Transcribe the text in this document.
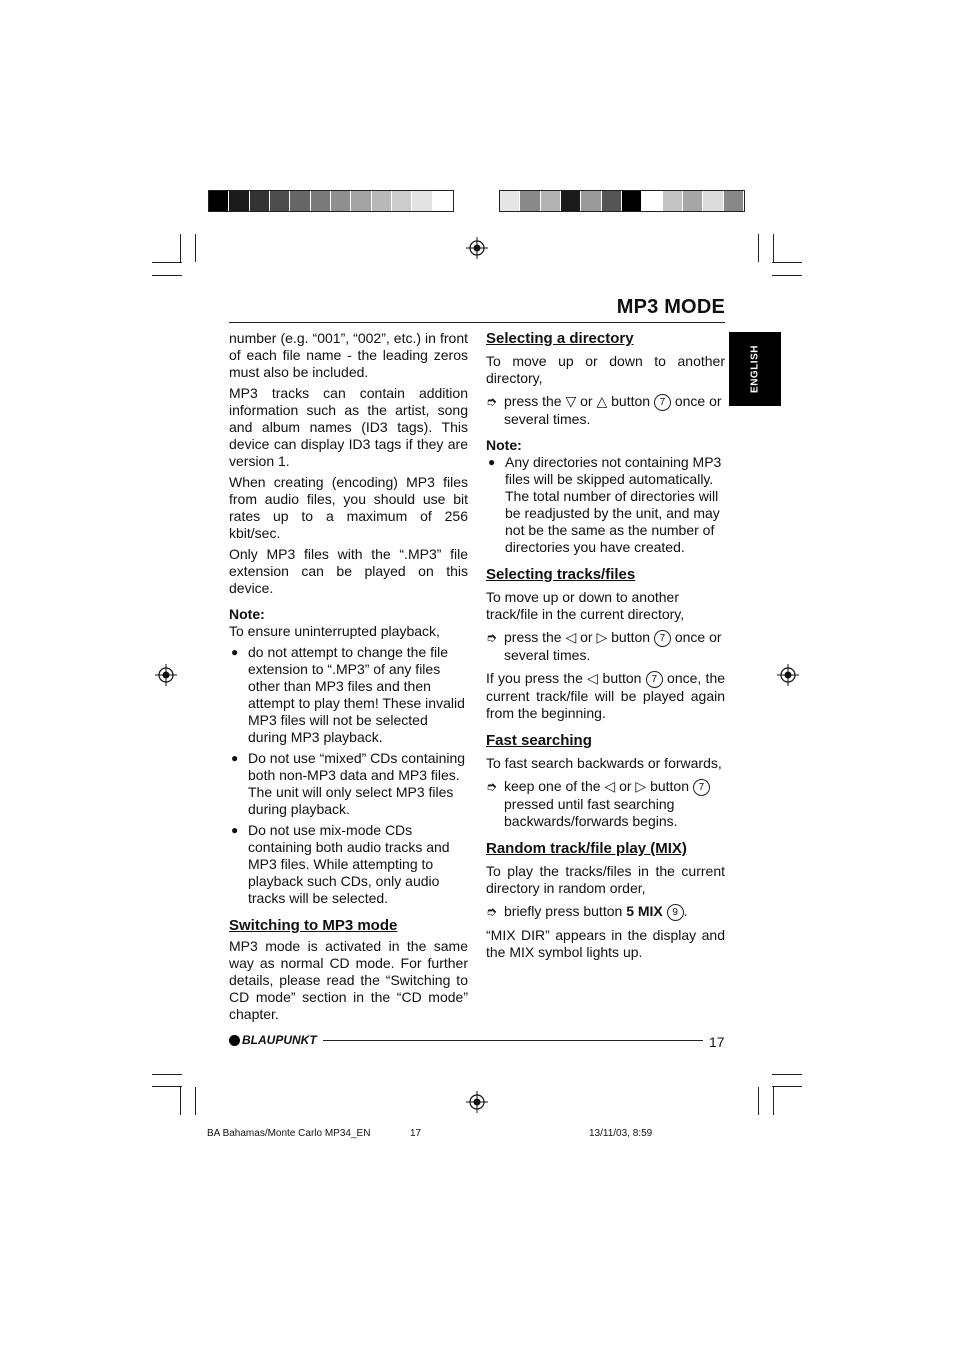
MP3 MODE
ENGLISH

number (e.g. “001”, “002”, etc.) in front of each file name - the leading zeros must also be included.

MP3 tracks can contain addition information such as the artist, song and album names (ID3 tags). This device can display ID3 tags if they are version 1.

When creating (encoding) MP3 files from audio files, you should use bit rates up to a maximum of 256 kbit/sec.

Only MP3 files with the “.MP3” file extension can be played on this device.

Note:

To ensure uninterrupted playback,

● do not attempt to change the file extension to “.MP3” of any files other than MP3 files and then attempt to play them! These invalid MP3 files will not be selected during MP3 playback.
● Do not use “mixed” CDs containing both non-MP3 data and MP3 files. The unit will only select MP3 files during playback.
● Do not use mix-mode CDs containing both audio tracks and MP3 files. While attempting to playback such CDs, only audio tracks will be selected.

Switching to MP3 mode

MP3 mode is activated in the same way as normal CD mode. For further details, please read the “Switching to CD mode” section in the “CD mode” chapter.

Selecting a directory

To move up or down to another directory,

➮ press the ▽ or △ button 7 once or several times.

Note:

● Any directories not containing MP3 files will be skipped automatically. The total number of directories will be readjusted by the unit, and may not be the same as the number of directories you have created.

Selecting tracks/files

To move up or down to another track/file in the current directory,

➮ press the ◁ or ▷ button 7 once or several times.

If you press the ◁ button 7 once, the current track/file will be played again from the beginning.

Fast searching

To fast search backwards or forwards,

➮ keep one of the ◁ or ▷ button 7 pressed until fast searching backwards/forwards begins.

Random track/file play (MIX)

To play the tracks/files in the current directory in random order,

➮ briefly press button 5 MIX 9 .

“MIX DIR” appears in the display and the MIX symbol lights up.

BLAUPUNKT	17
BA Bahamas/Monte Carlo MP34_EN	17	13/11/03, 8:59
